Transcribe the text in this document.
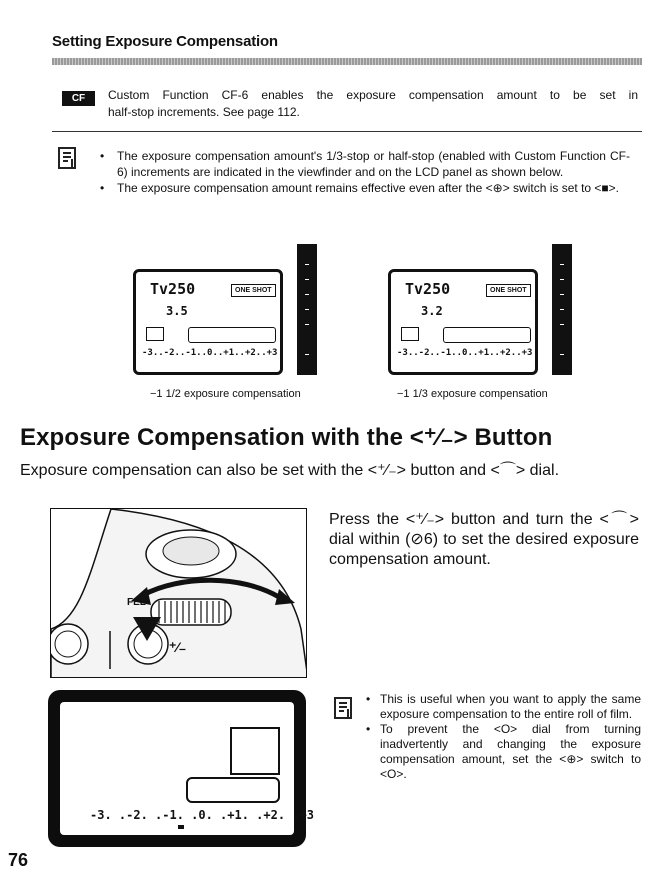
Setting Exposure Compensation
CF	Custom Function CF-6 enables the exposure compensation amount to be set in
half-stop increments. See page 112.
• The exposure compensation amount's 1/3-stop or half-stop (enabled with Custom Function CF-6) increments are indicated in the viewfinder and on the LCD panel as shown below.
• The exposure compensation amount remains effective even after the <⊕> switch is set to <■>.
Tv250	ONE SHOT
3.5
-3..-2..-1..0..+1..+2..+3
−1 1/2 exposure compensation
Tv250	ONE SHOT
3.2
-3..-2..-1..0..+1..+2..+3
−1 1/3 exposure compensation
Exposure Compensation with the <⁺⁄₋> Button
Exposure compensation can also be set with the <⁺⁄₋> button and <⌒> dial.
FEL
⁺⁄₋
Press the <⁺⁄₋> button and turn the <⌒> dial within (⊘6) to set the desired exposure compensation amount.
-3. .-2. .-1. .0. .+1. .+2. .+3
• This is useful when you want to apply the same exposure compensation to the entire roll of film.
• To prevent the <O> dial from turning inadvertently and changing the exposure compensation amount, set the <⊕> switch to <O>.
76
